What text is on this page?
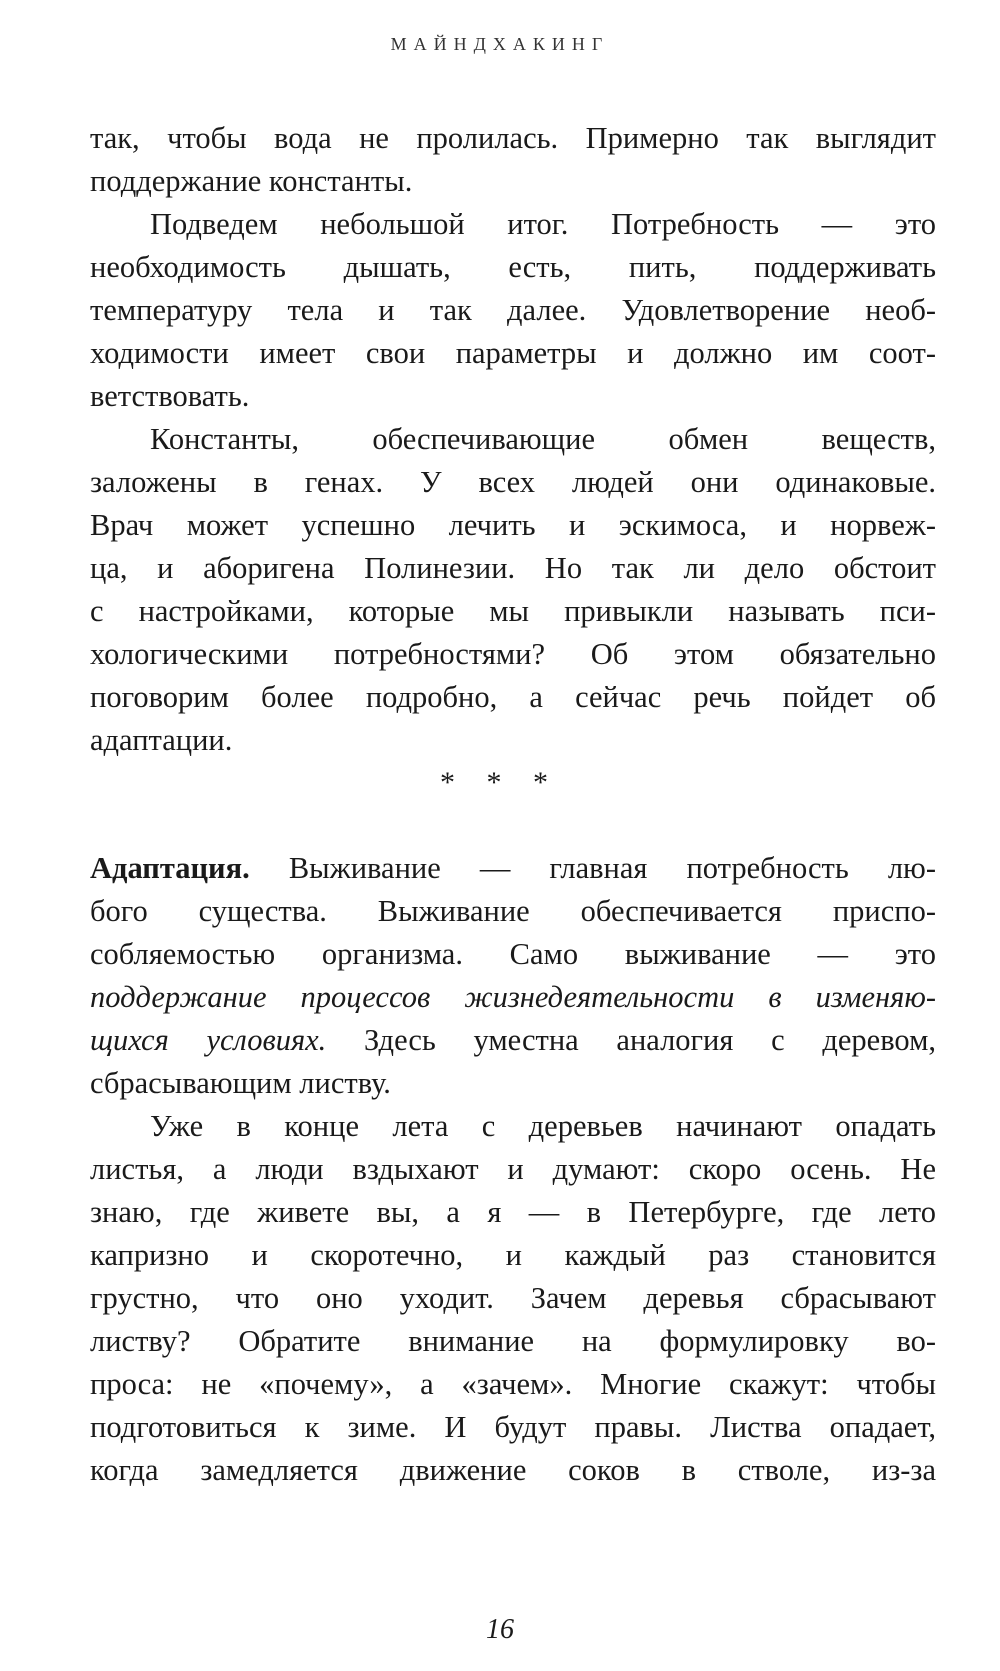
МАЙНДХАКИНГ

так, чтобы вода не пролилась. Примерно так выглядит
поддержание константы.

Подведем небольшой итог. Потребность — это
необходимость дышать, есть, пить, поддерживать
температуру тела и так далее. Удовлетворение необ-
ходимости имеет свои параметры и должно им соот-
ветствовать.

Константы, обеспечивающие обмен веществ,
заложены в генах. У всех людей они одинаковые.
Врач может успешно лечить и эскимоса, и норвеж-
ца, и аборигена Полинезии. Но так ли дело обстоит
с настройками, которые мы привыкли называть пси-
хологическими потребностями? Об этом обязательно
поговорим более подробно, а сейчас речь пойдет об
адаптации.

* * *

Адаптация. Выживание — главная потребность лю-
бого существа. Выживание обеспечивается приспо-
собляемостью организма. Само выживание — это
поддержание процессов жизнедеятельности в изменяю-
щихся условиях. Здесь уместна аналогия с деревом,
сбрасывающим листву.

Уже в конце лета с деревьев начинают опадать
листья, а люди вздыхают и думают: скоро осень. Не
знаю, где живете вы, а я — в Петербурге, где лето
капризно и скоротечно, и каждый раз становится
грустно, что оно уходит. Зачем деревья сбрасывают
листву? Обратите внимание на формулировку во-
проса: не «почему», а «зачем». Многие скажут: чтобы
подготовиться к зиме. И будут правы. Листва опадает,
когда замедляется движение соков в стволе, из-за

16
